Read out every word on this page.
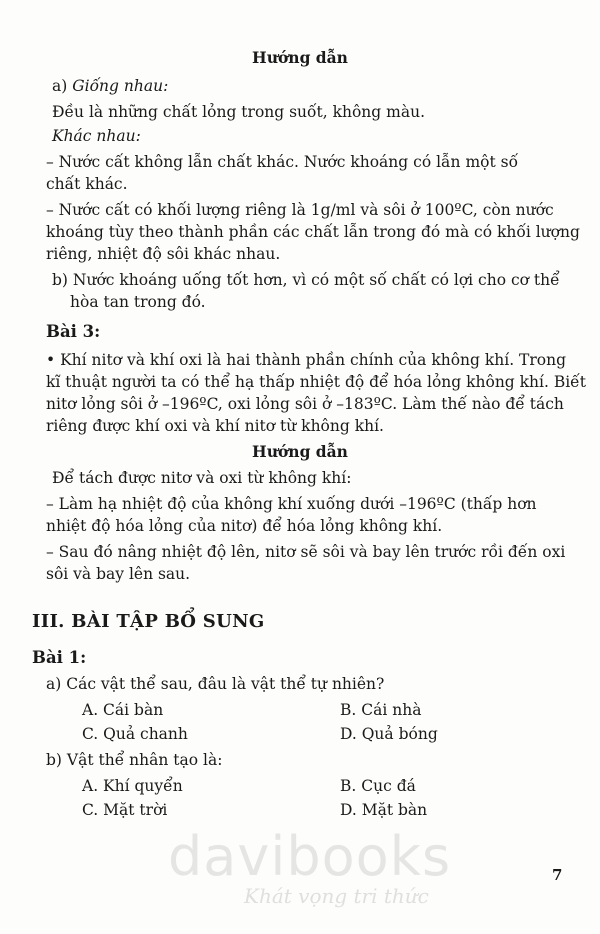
Hướng dẫn
a) Giống nhau:
Đều là những chất lỏng trong suốt, không màu.
Khác nhau:
– Nước cất không lẫn chất khác. Nước khoáng có lẫn một số
chất khác.
– Nước cất có khối lượng riêng là 1g/ml và sôi ở 100ºC, còn nước
khoáng tùy theo thành phần các chất lẫn trong đó mà có khối lượng
riêng, nhiệt độ sôi khác nhau.
b) Nước khoáng uống tốt hơn, vì có một số chất có lợi cho cơ thể
hòa tan trong đó.
Bài 3:
• Khí nitơ và khí oxi là hai thành phần chính của không khí. Trong
kĩ thuật người ta có thể hạ thấp nhiệt độ để hóa lỏng không khí. Biết
nitơ lỏng sôi ở –196ºC, oxi lỏng sôi ở –183ºC. Làm thế nào để tách
riêng được khí oxi và khí nitơ từ không khí.
Hướng dẫn
Để tách được nitơ và oxi từ không khí:
– Làm hạ nhiệt độ của không khí xuống dưới –196ºC (thấp hơn
nhiệt độ hóa lỏng của nitơ) để hóa lỏng không khí.
– Sau đó nâng nhiệt độ lên, nitơ sẽ sôi và bay lên trước rồi đến oxi
sôi và bay lên sau.
III. BÀI TẬP BỔ SUNG
Bài 1:
a) Các vật thể sau, đâu là vật thể tự nhiên?
A. Cái bàn	B. Cái nhà
C. Quả chanh	D. Quả bóng
b) Vật thể nhân tạo là:
A. Khí quyển	B. Cục đá
C. Mặt trời	D. Mặt bàn
7
davibooks
Khát vọng tri thức
